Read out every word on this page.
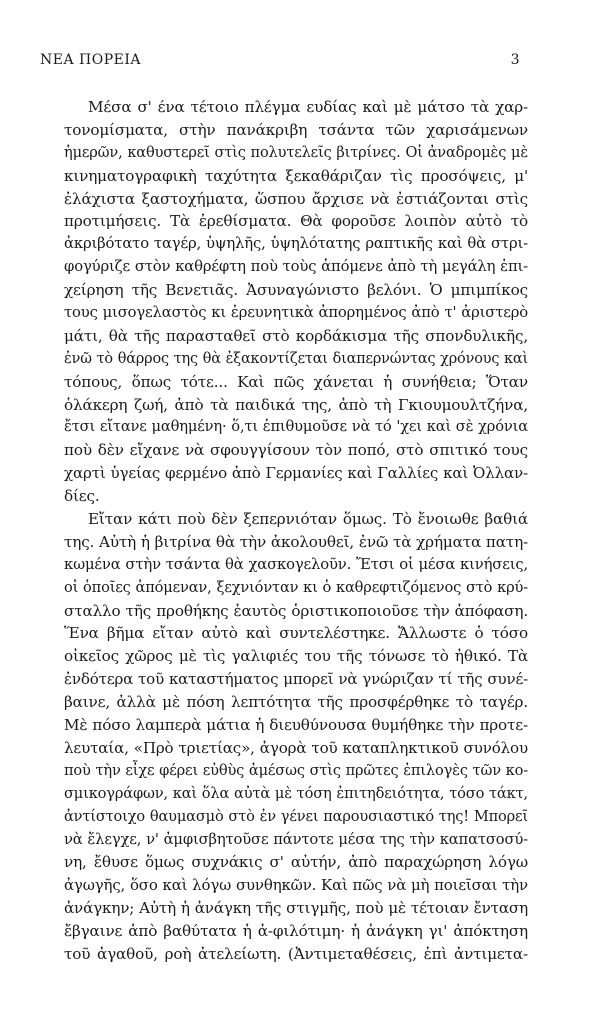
ΝΕΑ ΠΟΡΕΙΑ	3
Μέσα σ' ένα τέτοιο πλέγμα ευδίας καὶ μὲ μάτσο τὰ χαρ-
τονομίσματα, στὴν πανάκριβη τσάντα τῶν χαρισάμενων
ἡμερῶν, καθυστερεῖ στὶς πολυτελεῖς βιτρίνες. Οἱ ἀναδρομὲς μὲ
κινηματογραφικὴ ταχύτητα ξεκαθάριζαν τὶς προσόψεις, μ'
ἐλάχιστα ξαστοχήματα, ὥσπου ἄρχισε νὰ ἐστιάζονται στὶς
προτιμήσεις. Τὰ ἐρεθίσματα. Θὰ φοροῦσε λοιπὸν αὐτὸ τὸ
ἀκριβότατο ταγέρ, ὑψηλῆς, ὑψηλότατης ραπτικῆς καὶ θὰ στρι-
φογύριζε στὸν καθρέφτη ποὺ τοὺς ἀπόμενε ἀπὸ τὴ μεγάλη ἐπι-
χείρηση τῆς Βενετιᾶς. Ἀσυναγώνιστο βελόνι. Ὁ μπιμπίκος
τους μισογελαστὸς κι ἐρευνητικὰ ἀπορημένος ἀπὸ τ' ἀριστερὸ
μάτι, θὰ τῆς παρασταθεῖ στὸ κορδάκισμα τῆς σπονδυλικῆς,
ἐνῶ τὸ θάρρος της θὰ ἐξακοντίζεται διαπερνώντας χρόνους καὶ
τόπους, ὅπως τότε... Καὶ πῶς χάνεται ἡ συνήθεια; Ὅταν
ὁλάκερη ζωή, ἀπὸ τὰ παιδικά της, ἀπὸ τὴ Γκιουμουλτζήνα,
ἔτσι εἴτανε μαθημένη· ὅ,τι ἐπιθυμοῦσε νὰ τό 'χει καὶ σὲ χρόνια
ποὺ δὲν εἴχανε νὰ σφουγγίσουν τὸν ποπό, στὸ σπιτικό τους
χαρτὶ ὑγείας φερμένο ἀπὸ Γερμανίες καὶ Γαλλίες καὶ Ὀλλαν-
δίες.
Εἴταν κάτι ποὺ δὲν ξεπερνιόταν ὅμως. Τὸ ἔνοιωθε βαθιά
της. Αὐτὴ ἡ βιτρίνα θὰ τὴν ἀκολουθεῖ, ἐνῶ τὰ χρήματα πατη-
κωμένα στὴν τσάντα θὰ χασκογελοῦν. Ἔτσι οἱ μέσα κινήσεις,
οἱ ὁποῖες ἀπόμεναν, ξεχνιόνταν κι ὁ καθρεφτιζόμενος στὸ κρύ-
σταλλο τῆς προθήκης ἑαυτὸς ὁριστικοποιοῦσε τὴν ἀπόφαση.
Ἕνα βῆμα εἴταν αὐτὸ καὶ συντελέστηκε. Ἄλλωστε ὁ τόσο
οἰκεῖος χῶρος μὲ τὶς γαλιφιές του τῆς τόνωσε τὸ ἠθικό. Τὰ
ἐνδότερα τοῦ καταστήματος μπορεῖ νὰ γνώριζαν τί τῆς συνέ-
βαινε, ἀλλὰ μὲ πόση λεπτότητα τῆς προσφέρθηκε τὸ ταγέρ.
Μὲ πόσο λαμπερὰ μάτια ἡ διευθύνουσα θυμήθηκε τὴν προτε-
λευταία, «Πρὸ τριετίας», ἀγορὰ τοῦ καταπληκτικοῦ συνόλου
ποὺ τὴν εἶχε φέρει εὐθὺς ἀμέσως στὶς πρῶτες ἐπιλογὲς τῶν κο-
σμικογράφων, καὶ ὅλα αὐτὰ μὲ τόση ἐπιτηδειότητα, τόσο τάκτ,
ἀντίστοιχο θαυμασμὸ στὸ ἐν γένει παρουσιαστικό της! Μπορεῖ
νὰ ἔλεγχε, ν' ἀμφισβητοῦσε πάντοτε μέσα της τὴν καπατσοσύ-
νη, ἔθυσε ὅμως συχνάκις σ' αὐτήν, ἀπὸ παραχώρηση λόγω
ἀγωγῆς, ὅσο καὶ λόγω συνθηκῶν. Καὶ πῶς νὰ μὴ ποιεῖσαι τὴν
ἀνάγκην; Αὐτὴ ἡ ἀνάγκη τῆς στιγμῆς, ποὺ μὲ τέτοιαν ἔνταση
ἔβγαινε ἀπὸ βαθύτατα ἡ ἀ-φιλότιμη· ἡ ἀνάγκη γι' ἀπόκτηση
τοῦ ἀγαθοῦ, ροὴ ἀτελείωτη. (Ἀντιμεταθέσεις, ἐπὶ ἀντιμετα-
